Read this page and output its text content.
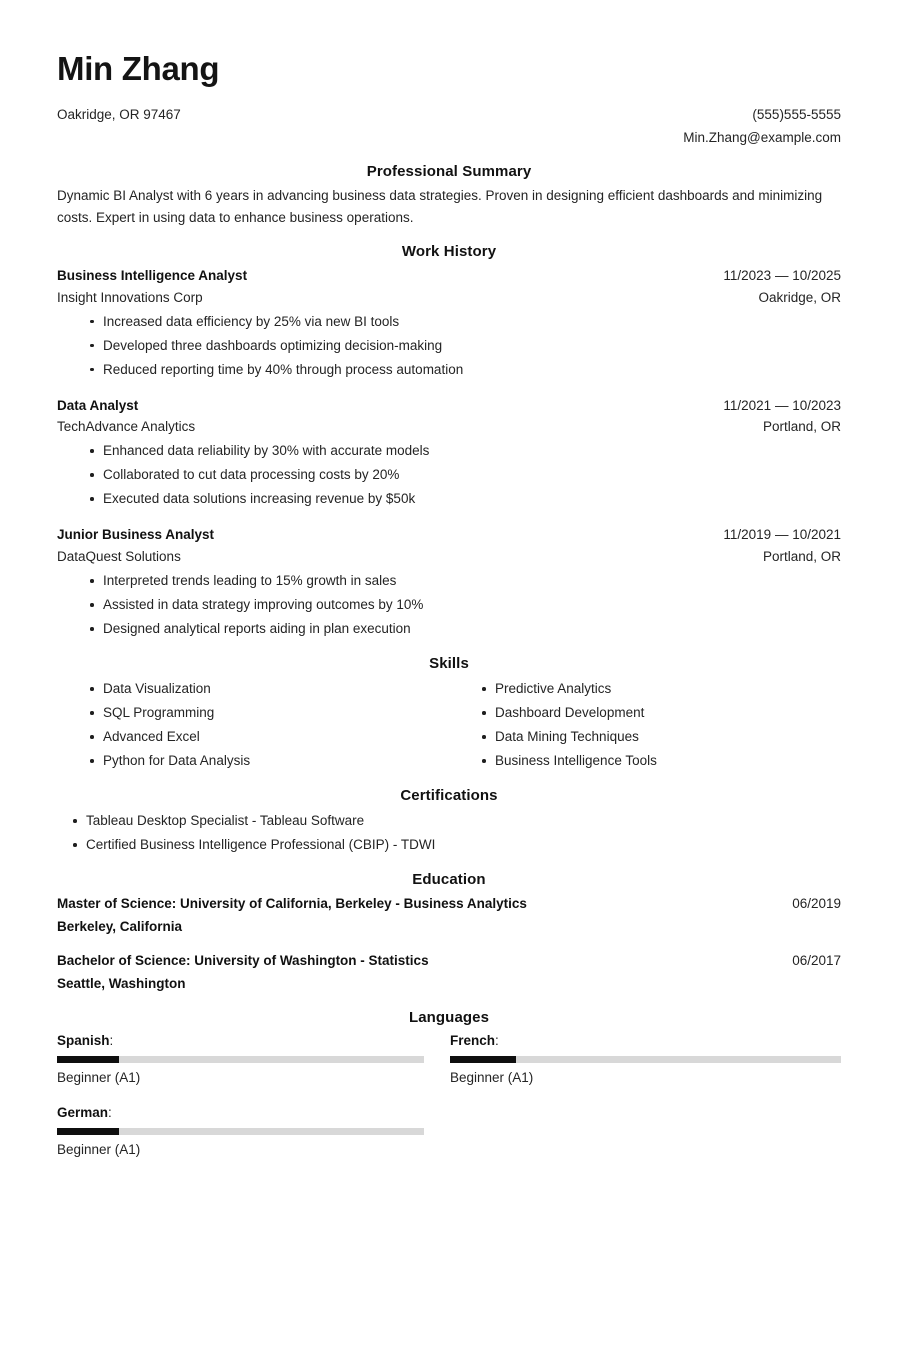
Min Zhang
Oakridge, OR 97467	(555)555-5555
Min.Zhang@example.com
Professional Summary
Dynamic BI Analyst with 6 years in advancing business data strategies. Proven in designing efficient dashboards and minimizing costs. Expert in using data to enhance business operations.
Work History
Business Intelligence Analyst	11/2023 — 10/2025
Insight Innovations Corp	Oakridge, OR
Increased data efficiency by 25% via new BI tools
Developed three dashboards optimizing decision-making
Reduced reporting time by 40% through process automation
Data Analyst	11/2021 — 10/2023
TechAdvance Analytics	Portland, OR
Enhanced data reliability by 30% with accurate models
Collaborated to cut data processing costs by 20%
Executed data solutions increasing revenue by $50k
Junior Business Analyst	11/2019 — 10/2021
DataQuest Solutions	Portland, OR
Interpreted trends leading to 15% growth in sales
Assisted in data strategy improving outcomes by 10%
Designed analytical reports aiding in plan execution
Skills
Data Visualization
SQL Programming
Advanced Excel
Python for Data Analysis
Predictive Analytics
Dashboard Development
Data Mining Techniques
Business Intelligence Tools
Certifications
Tableau Desktop Specialist - Tableau Software
Certified Business Intelligence Professional (CBIP) - TDWI
Education
Master of Science: University of California, Berkeley - Business Analytics	06/2019
Berkeley, California
Bachelor of Science: University of Washington - Statistics	06/2017
Seattle, Washington
Languages
Spanish:
Beginner (A1)
French:
Beginner (A1)
German:
Beginner (A1)
